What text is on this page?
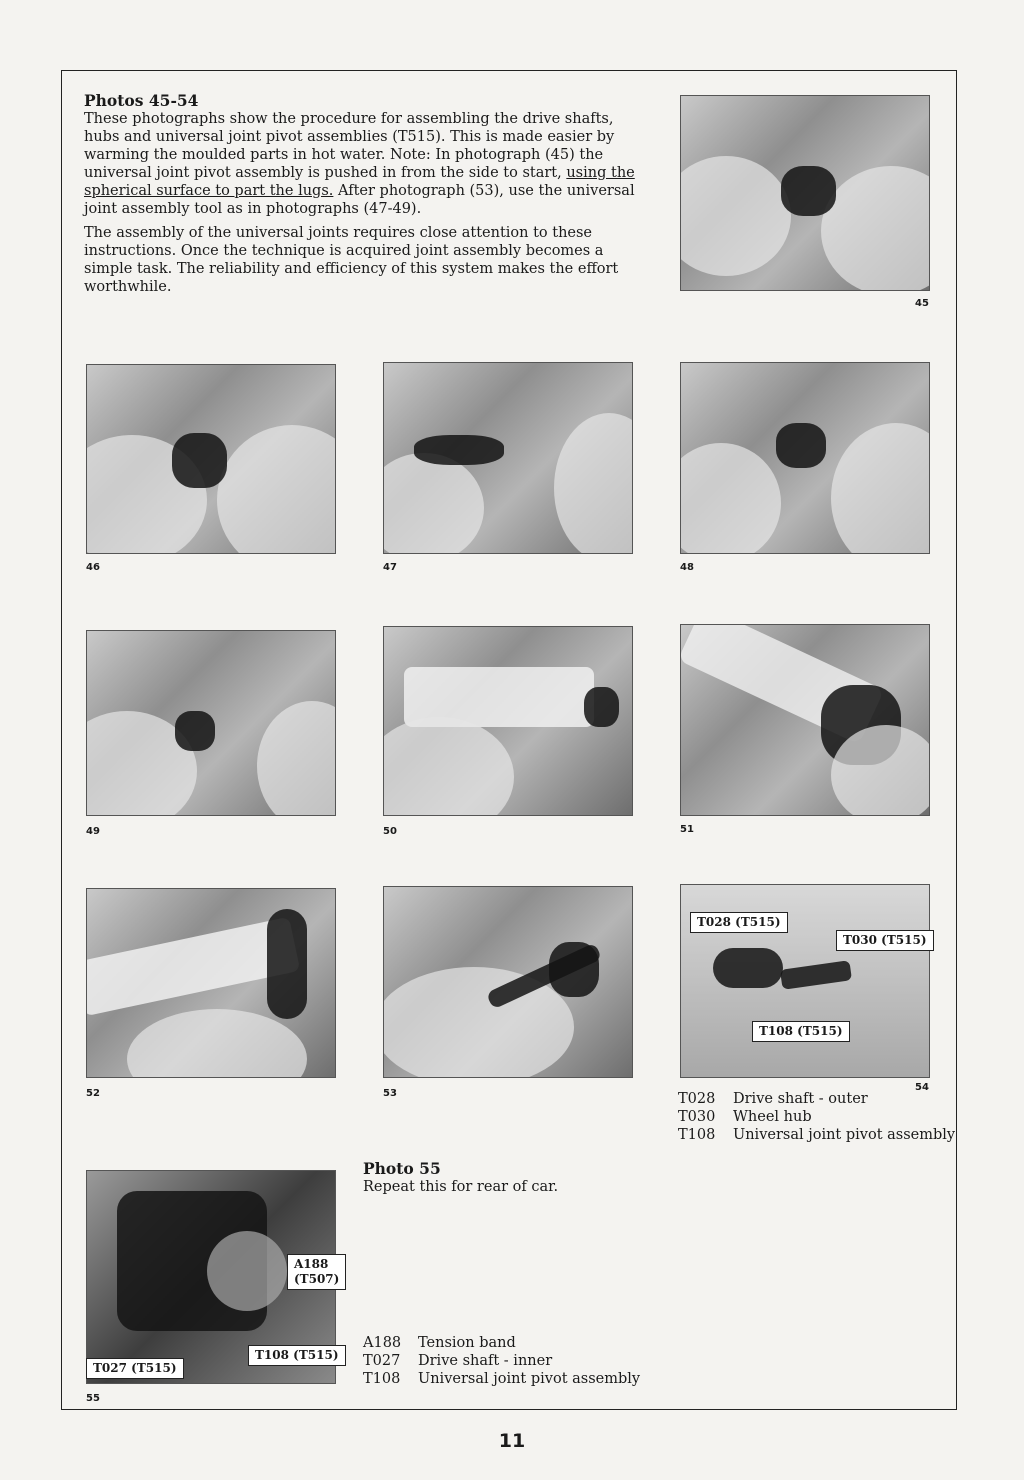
Photos 45-54

These photographs show the procedure for assembling the drive shafts, hubs and universal joint pivot assemblies (T515). This is made easier by warming the moulded parts in hot water. Note: In photograph (45) the universal joint pivot assembly is pushed in from the side to start, using the spherical surface to part the lugs. After photograph (53), use the universal joint assembly tool as in photographs (47-49).

The assembly of the universal joints requires close attention to these instructions. Once the technique is acquired joint assembly becomes a simple task. The reliability and efficiency of this system makes the effort worthwhile.

45
46	47	48
49	50	51
52	53
T028 (T515)
T030 (T515)
T108 (T515)
54
T028	Drive shaft - outer
T030	Wheel hub
T108	Universal joint pivot assembly
A188
(T507)
T108 (T515)
T027 (T515)
55
Photo 55
Repeat this for rear of car.
A188	Tension band
T027	Drive shaft - inner
T108	Universal joint pivot assembly
11
